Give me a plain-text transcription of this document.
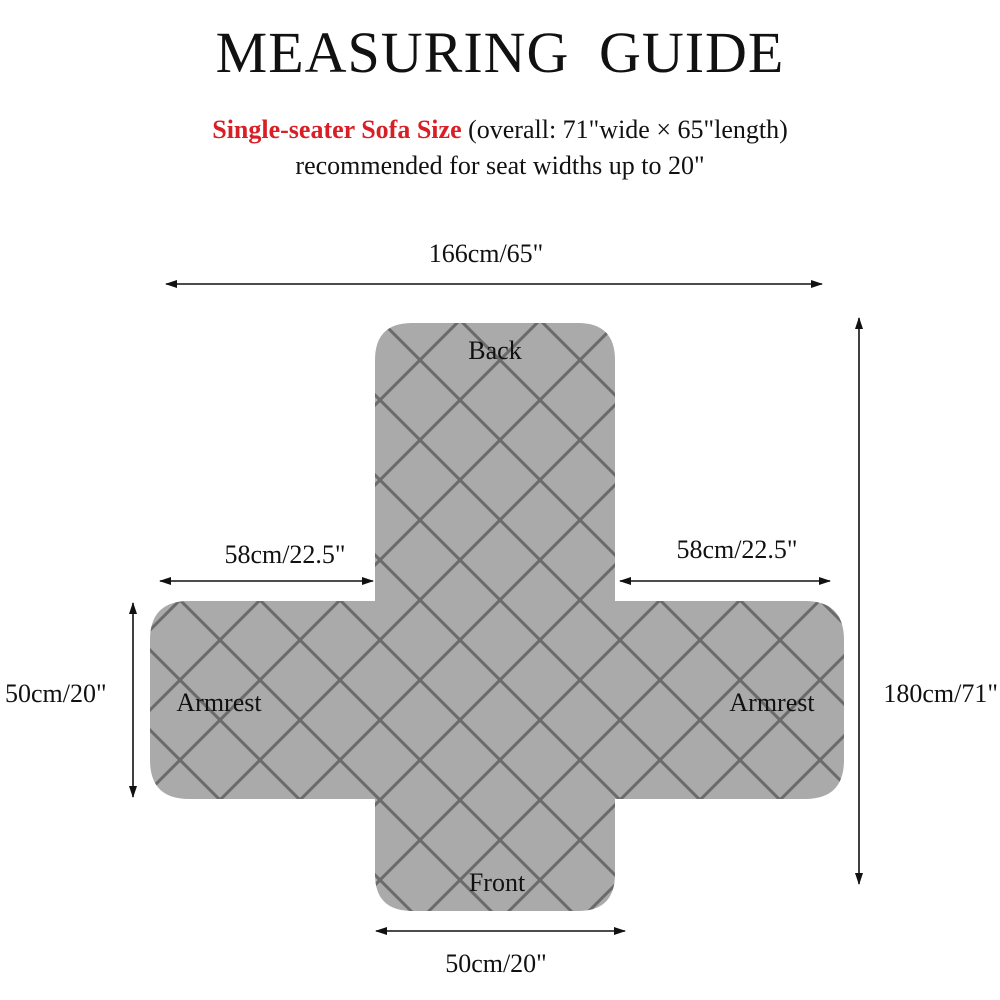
MEASURING GUIDE
Single-seater Sofa Size (overall: 71"wide × 65"length)
recommended for seat widths up to 20"
Back
Front
Armrest	Armrest
166cm/65"
58cm/22.5"	58cm/22.5"
50cm/20"	180cm/71"
50cm/20"
